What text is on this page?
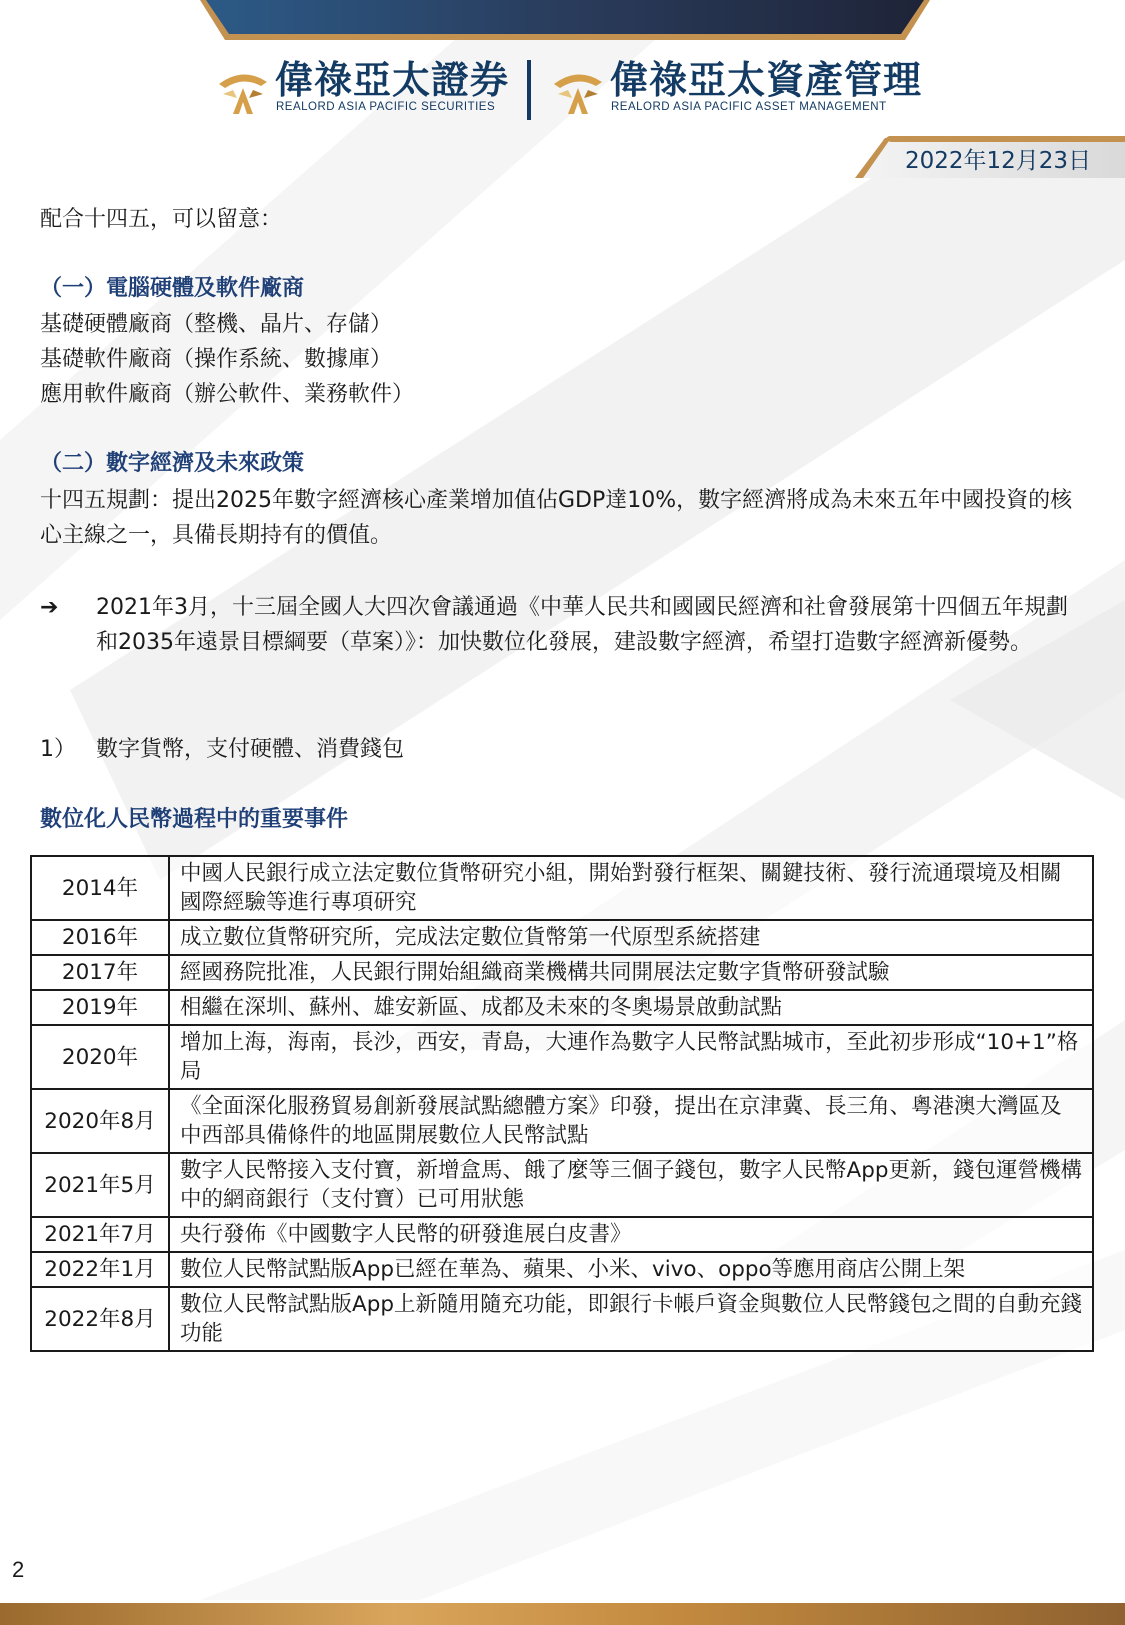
偉祿亞太證券
REALORD ASIA PACIFIC SECURITIES
偉祿亞太資產管理
REALORD ASIA PACIFIC ASSET MANAGEMENT
2022年12月23日
配合十四五，可以留意：
（一）電腦硬體及軟件廠商
基礎硬體廠商（整機、晶片、存儲）
基礎軟件廠商（操作系統、數據庫）
應用軟件廠商（辦公軟件、業務軟件）
（二）數字經濟及未來政策
十四五規劃：提出2025年數字經濟核心產業增加值佔GDP達10%，數字經濟將成為未來五年中國投資的核心主線之一，具備長期持有的價值。
➔	2021年3月，十三屆全國人大四次會議通過《中華人民共和國國民經濟和社會發展第十四個五年規劃和2035年遠景目標綱要（草案）》：加快數位化發展，建設數字經濟，希望打造數字經濟新優勢。
1） 數字貨幣，支付硬體、消費錢包
數位化人民幣過程中的重要事件
2014年	中國人民銀行成立法定數位貨幣研究小組，開始對發行框架、關鍵技術、發行流通環境及相關國際經驗等進行專項研究
2016年	成立數位貨幣研究所，完成法定數位貨幣第一代原型系統搭建
2017年	經國務院批准，人民銀行開始組織商業機構共同開展法定數字貨幣研發試驗
2019年	相繼在深圳、蘇州、雄安新區、成都及未來的冬奧場景啟動試點
2020年	增加上海，海南，長沙，西安，青島，大連作為數字人民幣試點城市，至此初步形成“10+1”格局
2020年8月	《全面深化服務貿易創新發展試點總體方案》印發，提出在京津冀、長三角、粵港澳大灣區及中西部具備條件的地區開展數位人民幣試點
2021年5月	數字人民幣接入支付寶，新增盒馬、餓了麼等三個子錢包，數字人民幣App更新，錢包運營機構中的網商銀行（支付寶）已可用狀態
2021年7月	央行發佈《中國數字人民幣的研發進展白皮書》
2022年1月	數位人民幣試點版App已經在華為、蘋果、小米、vivo、oppo等應用商店公開上架
2022年8月	數位人民幣試點版App上新隨用隨充功能，即銀行卡帳戶資金與數位人民幣錢包之間的自動充錢功能
2
